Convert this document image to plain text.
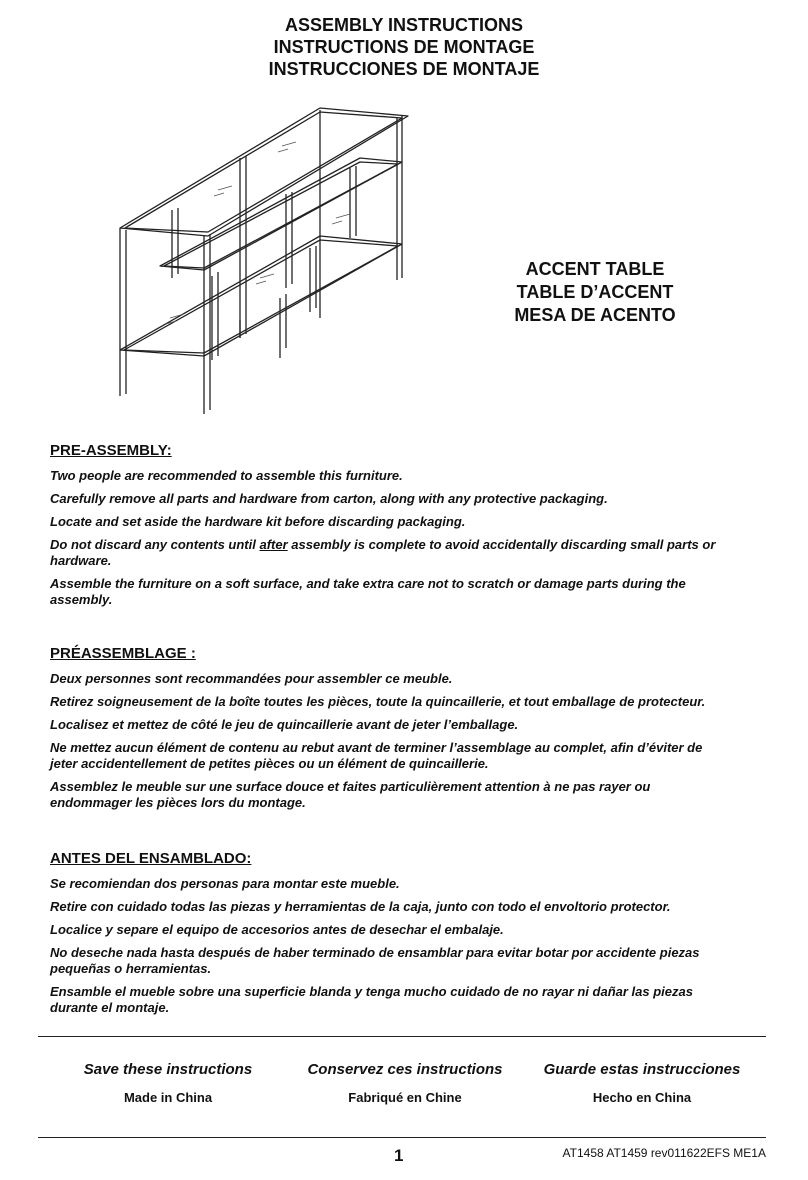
ASSEMBLY INSTRUCTIONS
INSTRUCTIONS DE MONTAGE
INSTRUCCIONES DE MONTAJE
ACCENT TABLE
TABLE D’ACCENT
MESA DE ACENTO
PRE-ASSEMBLY:

Two people are recommended to assemble this furniture.

Carefully remove all parts and hardware from carton, along with any protective packaging.

Locate and set aside the hardware kit before discarding packaging.

Do not discard any contents until after assembly is complete to avoid accidentally discarding small parts or hardware.

Assemble the furniture on a soft surface, and take extra care not to scratch or damage parts during the assembly.

PRÉASSEMBLAGE :

Deux personnes sont recommandées pour assembler ce meuble.

Retirez soigneusement de la boîte toutes les pièces, toute la quincaillerie, et tout emballage de protecteur.

Localisez et mettez de côté le jeu de quincaillerie avant de jeter l’emballage.

Ne mettez aucun élément de contenu au rebut avant de terminer l’assemblage au complet, afin d’éviter de jeter accidentellement de petites pièces ou un élément de quincaillerie.

Assemblez le meuble sur une surface douce et faites particulièrement attention à ne pas rayer ou endommager les pièces lors du montage.

ANTES DEL ENSAMBLADO:

Se recomiendan dos personas para montar este mueble.

Retire con cuidado todas las piezas y herramientas de la caja, junto con todo el envoltorio protector.

Localice y separe el equipo de accesorios antes de desechar el embalaje.

No deseche nada hasta después de haber terminado de ensamblar para evitar botar por accidente piezas pequeñas o herramientas.

Ensamble el mueble sobre una superficie blanda y tenga mucho cuidado de no rayar ni dañar las piezas durante el montaje.

Save these instructions
Made in China
Conservez ces instructions
Fabriqué en Chine
Guarde estas instrucciones
Hecho en China
1	AT1458 AT1459 rev011622EFS ME1A
